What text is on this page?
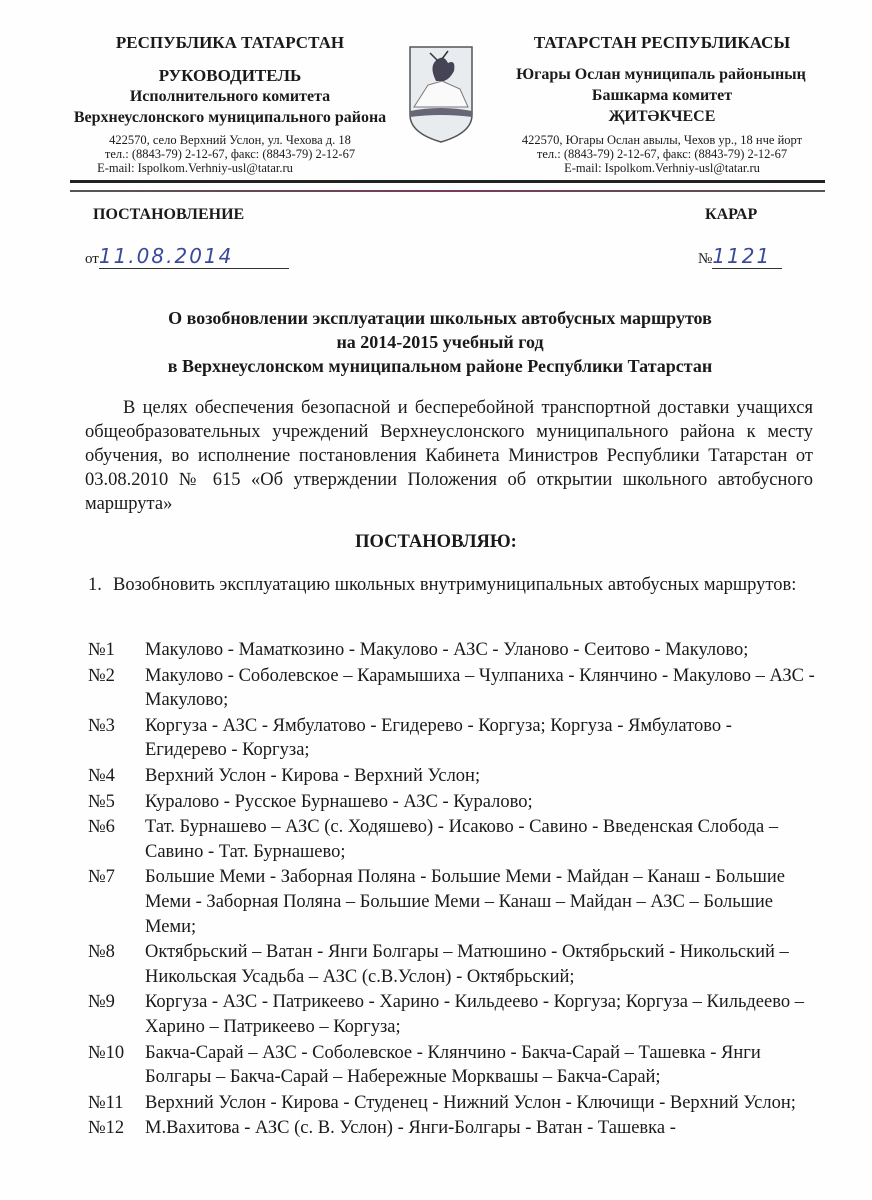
РЕСПУБЛИКА ТАТАРСТАН
РУКОВОДИТЕЛЬ
Исполнительного комитета
Верхнеуслонского муниципального района
422570, село Верхний Услон, ул. Чехова д. 18
тел.: (8843-79) 2-12-67, факс: (8843-79) 2-12-67
E-mail: Ispolkom.Verhniy-usl@tatar.ru
ТАТАРСТАН РЕСПУБЛИКАСЫ
Югары Ослан муниципаль районының
Башкарма комитет
ҖИТӘКЧЕСЕ
422570, Югары Ослан авылы, Чехов ур., 18 нче йорт
тел.: (8843-79) 2-12-67, факс: (8843-79) 2-12-67
E-mail: Ispolkom.Verhniy-usl@tatar.ru
ПОСТАНОВЛЕНИЕ	КАРАР
от11.08.2014	№1121
О возобновлении эксплуатации школьных автобусных маршрутов
на 2014-2015 учебный год
в Верхнеуслонском муниципальном районе Республики Татарстан
В целях обеспечения безопасной и бесперебойной транспортной доставки учащихся общеобразовательных учреждений Верхнеуслонского муниципального района к месту обучения, во исполнение постановления Кабинета Министров Республики Татарстан от 03.08.2010 № 615 «Об утверждении Положения об открытии школьного автобусного маршрута»
ПОСТАНОВЛЯЮ:
1. Возобновить эксплуатацию школьных внутримуниципальных автобусных маршрутов:
№1	Макулово - Маматкозино - Макулово - АЗС - Уланово - Сеитово - Макулово;
№2	Макулово - Соболевское – Карамышиха – Чулпаниха - Клянчино - Макулово – АЗС - Макулово;
№3	Коргуза - АЗС - Ямбулатово - Егидерево - Коргуза; Коргуза - Ямбулатово - Егидерево - Коргуза;
№4	Верхний Услон - Кирова - Верхний Услон;
№5	Куралово - Русское Бурнашево - АЗС - Куралово;
№6	Тат. Бурнашево – АЗС (с. Ходяшево) - Исаково - Савино - Введенская Слобода – Савино - Тат. Бурнашево;
№7	Большие Меми - Заборная Поляна - Большие Меми - Майдан – Канаш - Большие Меми - Заборная Поляна – Большие Меми – Канаш – Майдан – АЗС – Большие Меми;
№8	Октябрьский – Ватан - Янги Болгары – Матюшино - Октябрьский - Никольский – Никольская Усадьба – АЗС (с.В.Услон) - Октябрьский;
№9	Коргуза - АЗС - Патрикеево - Харино - Кильдеево - Коргуза; Коргуза – Кильдеево – Харино – Патрикеево – Коргуза;
№10	Бакча-Сарай – АЗС - Соболевское - Клянчино - Бакча-Сарай – Ташевка - Янги Болгары – Бакча-Сарай – Набережные Морквашы – Бакча-Сарай;
№11	Верхний Услон - Кирова - Студенец - Нижний Услон - Ключищи - Верхний Услон;
№12	М.Вахитова - АЗС (с. В. Услон) - Янги-Болгары - Ватан - Ташевка -
